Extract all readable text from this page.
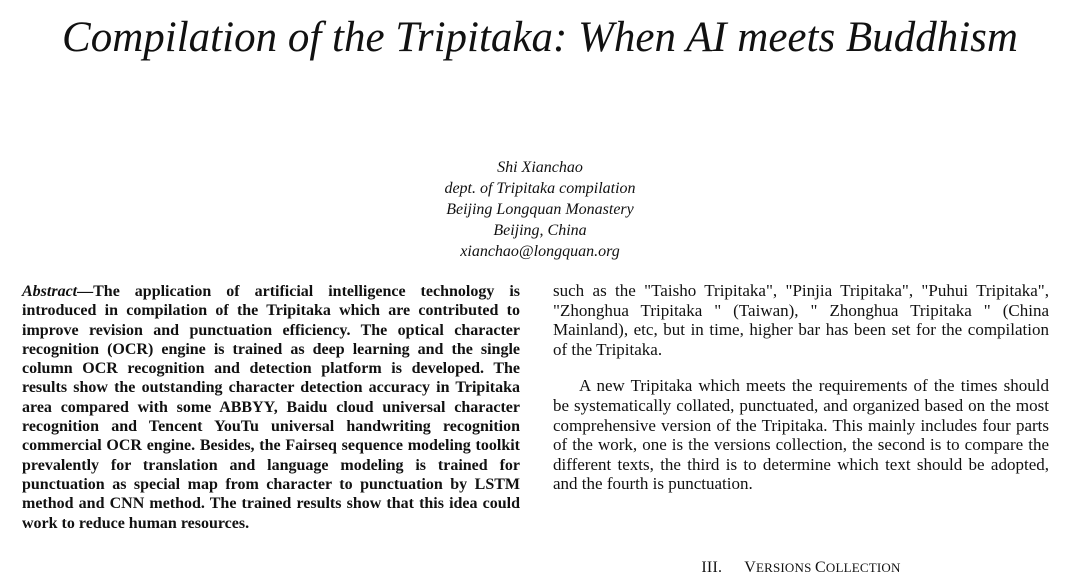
Compilation of the Tripitaka: When AI meets Buddhism
Shi Xianchao
dept. of Tripitaka compilation
Beijing Longquan Monastery
Beijing, China
xianchao@longquan.org
Abstract—The application of artificial intelligence technology is introduced in compilation of the Tripitaka which are contributed to improve revision and punctuation efficiency. The optical character recognition (OCR) engine is trained as deep learning and the single column OCR recognition and detection platform is developed. The results show the outstanding character detection accuracy in Tripitaka area compared with some ABBYY, Baidu cloud universal character recognition and Tencent YouTu universal handwriting recognition commercial OCR engine. Besides, the Fairseq sequence modeling toolkit prevalently for translation and language modeling is trained for punctuation as special map from character to punctuation by LSTM method and CNN method. The trained results show that this idea could work to reduce human resources.

such as the "Taisho Tripitaka", "Pinjia Tripitaka", "Puhui Tripitaka", "Zhonghua Tripitaka " (Taiwan), " Zhonghua Tripitaka " (China Mainland), etc, but in time, higher bar has been set for the compilation of the Tripitaka.

A new Tripitaka which meets the requirements of the times should be systematically collated, punctuated, and organized based on the most comprehensive version of the Tripitaka. This mainly includes four parts of the work, one is the versions collection, the second is to compare the different texts, the third is to determine which text should be adopted, and the fourth is punctuation.

III. VERSIONS COLLECTION
